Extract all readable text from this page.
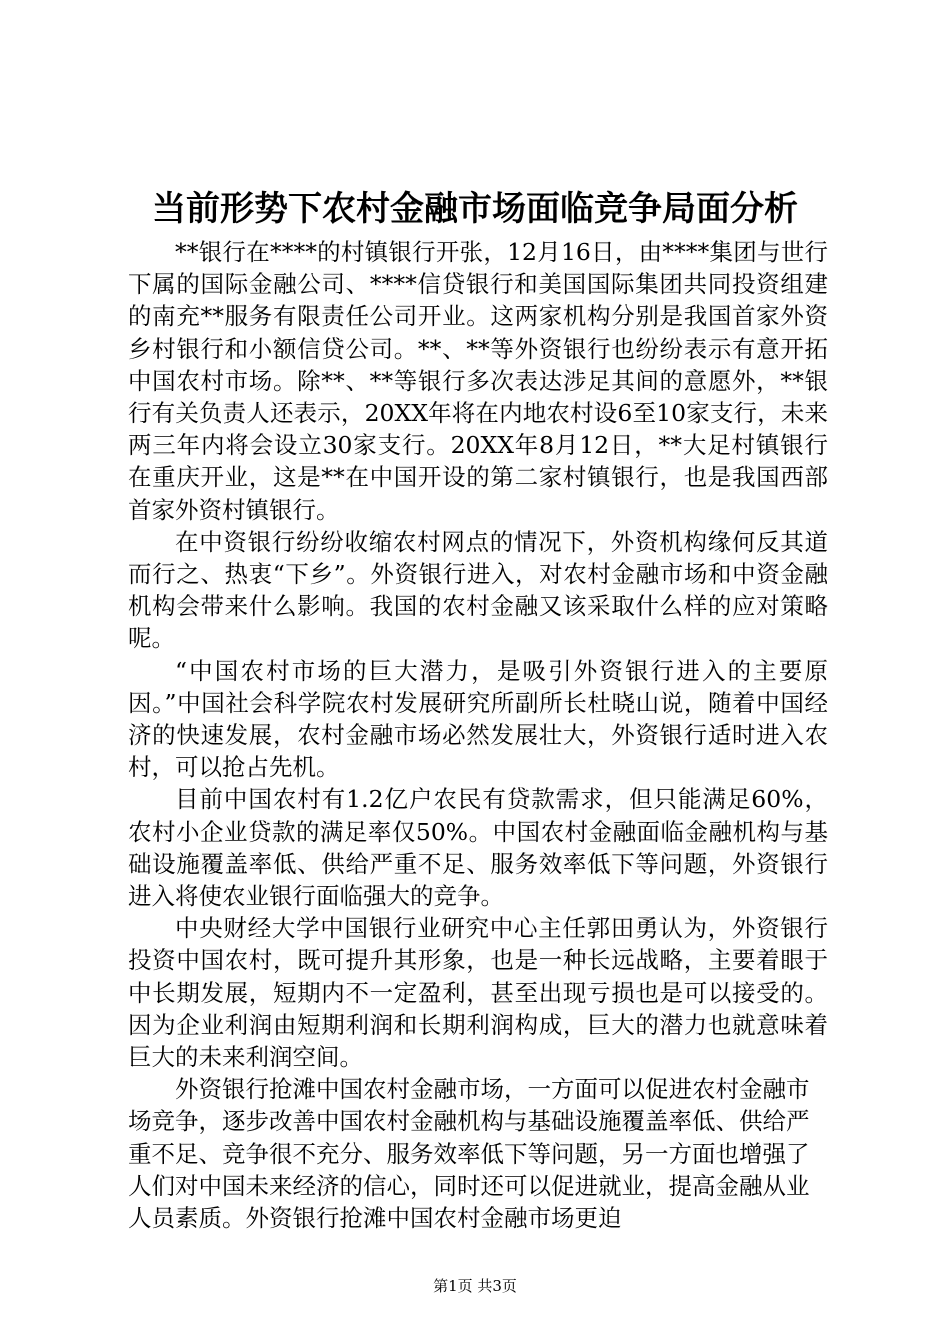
当前形势下农村金融市场面临竞争局面分析

**银行在****的村镇银行开张，12月16日，由****集团与世行下属的国际金融公司、****信贷银行和美国国际集团共同投资组建的南充**服务有限责任公司开业。这两家机构分别是我国首家外资乡村银行和小额信贷公司。**、**等外资银行也纷纷表示有意开拓中国农村市场。除**、**等银行多次表达涉足其间的意愿外，**银行有关负责人还表示，20XX年将在内地农村设6至10家支行，未来两三年内将会设立30家支行。20XX年8月12日，**大足村镇银行在重庆开业，这是**在中国开设的第二家村镇银行，也是我国西部首家外资村镇银行。

在中资银行纷纷收缩农村网点的情况下，外资机构缘何反其道而行之、热衷“下乡”。外资银行进入，对农村金融市场和中资金融机构会带来什么影响。我国的农村金融又该采取什么样的应对策略呢。

“中国农村市场的巨大潜力，是吸引外资银行进入的主要原因。”中国社会科学院农村发展研究所副所长杜晓山说，随着中国经济的快速发展，农村金融市场必然发展壮大，外资银行适时进入农村，可以抢占先机。

目前中国农村有1.2亿户农民有贷款需求，但只能满足60%，农村小企业贷款的满足率仅50%。中国农村金融面临金融机构与基础设施覆盖率低、供给严重不足、服务效率低下等问题，外资银行进入将使农业银行面临强大的竞争。

中央财经大学中国银行业研究中心主任郭田勇认为，外资银行投资中国农村，既可提升其形象，也是一种长远战略，主要着眼于中长期发展，短期内不一定盈利，甚至出现亏损也是可以接受的。因为企业利润由短期利润和长期利润构成，巨大的潜力也就意味着巨大的未来利润空间。

外资银行抢滩中国农村金融市场，一方面可以促进农村金融市场竞争，逐步改善中国农村金融机构与基础设施覆盖率低、供给严重不足、竞争很不充分、服务效率低下等问题，另一方面也增强了人们对中国未来经济的信心，同时还可以促进就业，提高金融从业人员素质。外资银行抢滩中国农村金融市场更迫

第1页 共3页
